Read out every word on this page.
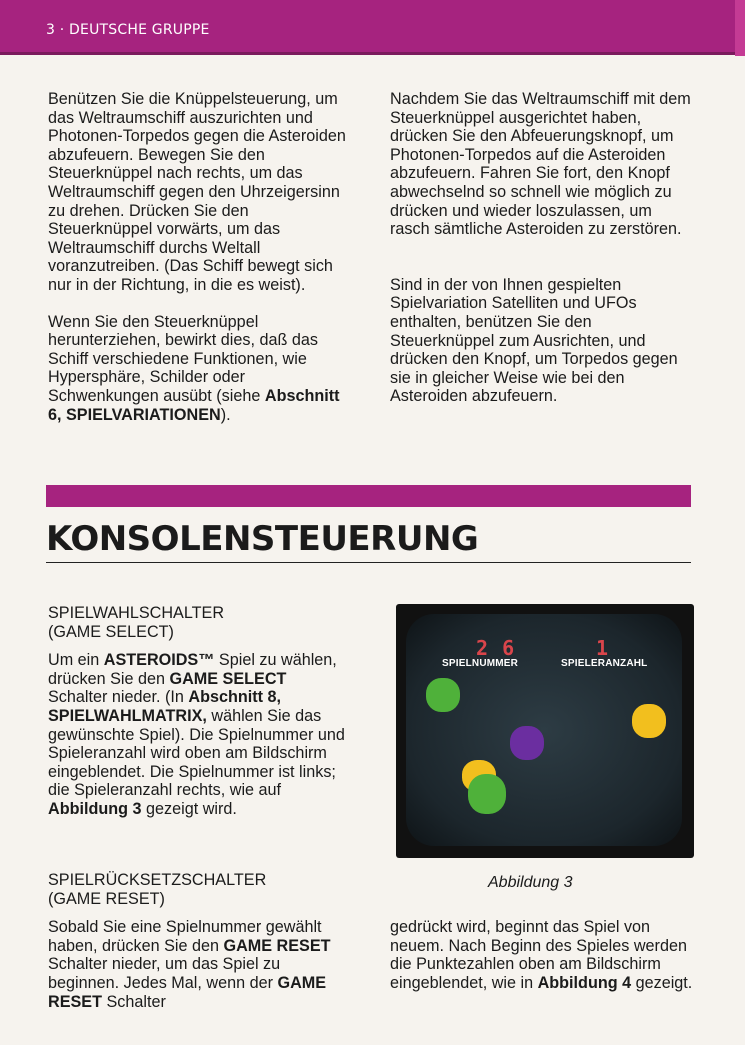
3 · DEUTSCHE GRUPPE

Benützen Sie die Knüppelsteuerung, um das Weltraumschiff auszurichten und Photonen-Torpedos gegen die Asteroiden abzufeuern. Bewegen Sie den Steuerknüppel nach rechts, um das Weltraumschiff gegen den Uhrzeigersinn zu drehen. Drücken Sie den Steuerknüppel vorwärts, um das Weltraumschiff durchs Weltall voranzutreiben. (Das Schiff bewegt sich nur in der Richtung, in die es weist).

Wenn Sie den Steuerknüppel herunterziehen, bewirkt dies, daß das Schiff verschiedene Funktionen, wie Hypersphäre, Schilder oder Schwenkungen ausübt (siehe Abschnitt 6, SPIELVARIATIONEN).

Nachdem Sie das Weltraumschiff mit dem Steuerknüppel ausgerichtet haben, drücken Sie den Abfeuerungsknopf, um Photonen-Torpedos auf die Asteroiden abzufeuern. Fahren Sie fort, den Knopf abwechselnd so schnell wie möglich zu drücken und wieder loszulassen, um rasch sämtliche Asteroiden zu zerstören.

Sind in der von Ihnen gespielten Spielvariation Satelliten und UFOs enthalten, benützen Sie den Steuerknüppel zum Ausrichten, und drücken den Knopf, um Torpedos gegen sie in gleicher Weise wie bei den Asteroiden abzufeuern.

KONSOLENSTEUERUNG

SPIELWAHLSCHALTER

(GAME SELECT)

Um ein ASTEROIDS™ Spiel zu wählen, drücken Sie den GAME SELECT Schalter nieder. (In Abschnitt 8, SPIELWAHLMATRIX, wählen Sie das gewünschte Spiel). Die Spielnummer und Spieleranzahl wird oben am Bildschirm eingeblendet. Die Spielnummer ist links; die Spieleranzahl rechts, wie auf Abbildung 3 gezeigt wird.

SPIELRÜCKSETZSCHALTER

(GAME RESET)

Sobald Sie eine Spielnummer gewählt haben, drücken Sie den GAME RESET Schalter nieder, um das Spiel zu beginnen. Jedes Mal, wenn der GAME RESET Schalter

gedrückt wird, beginnt das Spiel von neuem. Nach Beginn des Spieles werden die Punktezahlen oben am Bildschirm eingeblendet, wie in Abbildung 4 gezeigt.

2 6	1
SPIELNUMMER	SPIELERANZAHL
Abbildung 3
